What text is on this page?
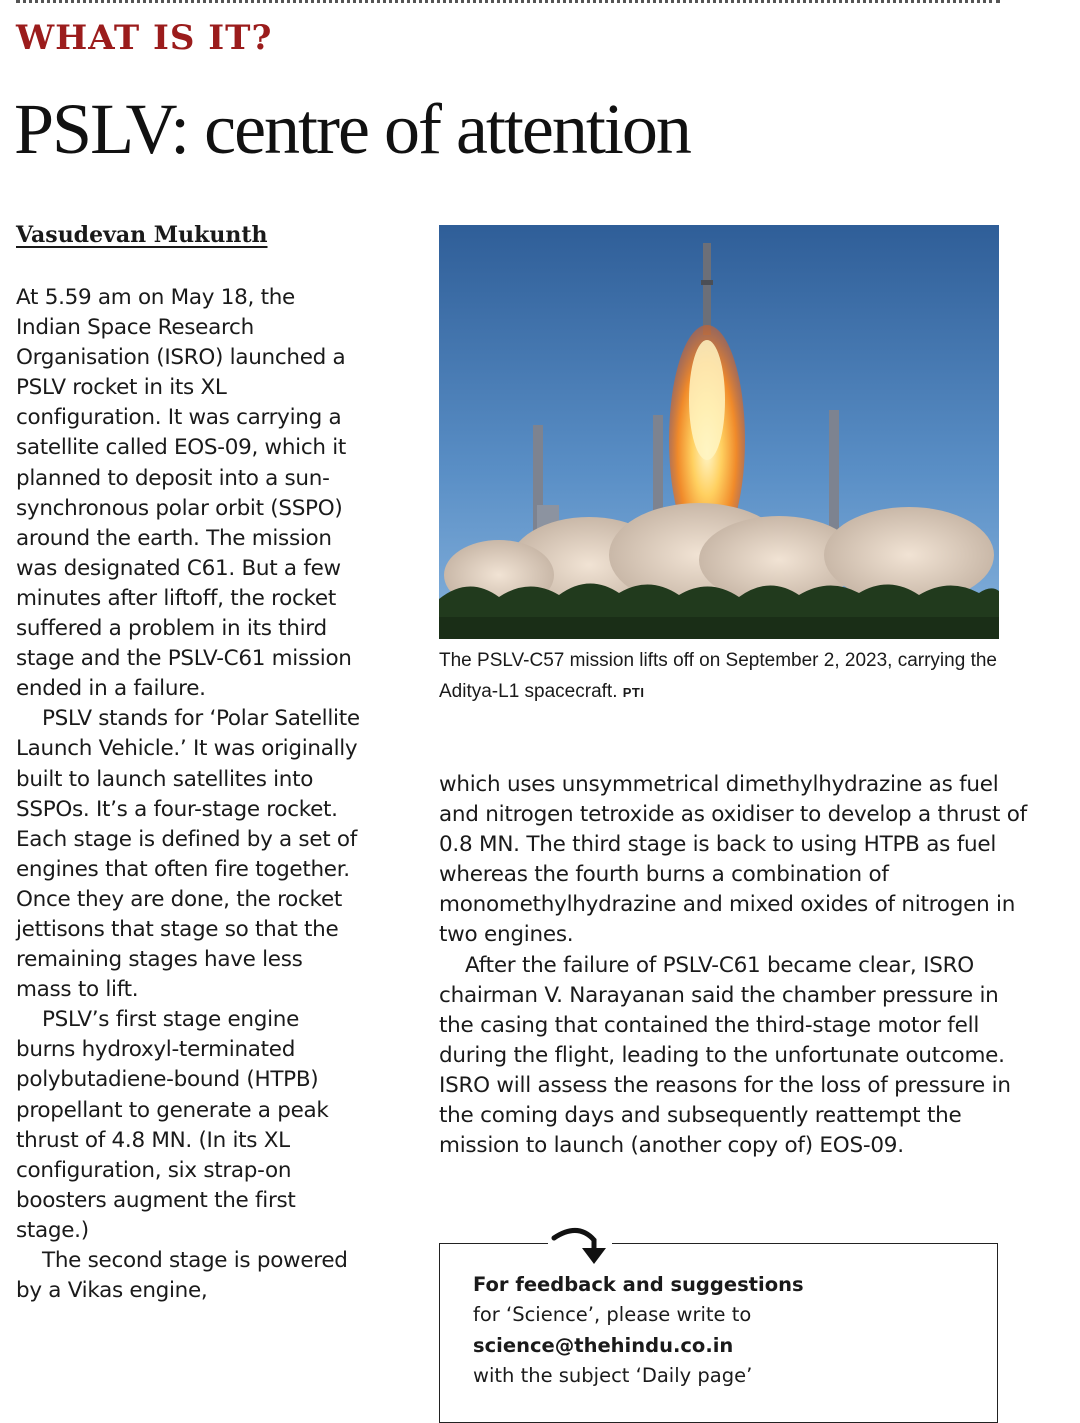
WHAT IS IT?
PSLV: centre of attention
Vasudevan Mukunth

At 5.59 am on May 18, the Indian Space Research Organisation (ISRO) launched a PSLV rocket in its XL configuration. It was carrying a satellite called EOS-09, which it planned to deposit into a sun-synchronous polar orbit (SSPO) around the earth. The mission was designated C61. But a few minutes after liftoff, the rocket suffered a problem in its third stage and the PSLV-C61 mission ended in a failure.

PSLV stands for ‘Polar Satellite Launch Vehicle.’ It was originally built to launch satellites into SSPOs. It’s a four-stage rocket. Each stage is defined by a set of engines that often fire together. Once they are done, the rocket jettisons that stage so that the remaining stages have less mass to lift.

PSLV’s first stage engine burns hydroxyl-terminated polybutadiene-bound (HTPB) propellant to generate a peak thrust of 4.8 MN. (In its XL configuration, six strap-on boosters augment the first stage.)

The second stage is powered by a Vikas engine,

The PSLV-C57 mission lifts off on September 2, 2023, carrying the Aditya-L1 spacecraft. PTI

which uses unsymmetrical dimethylhydrazine as fuel and nitrogen tetroxide as oxidiser to develop a thrust of 0.8 MN. The third stage is back to using HTPB as fuel whereas the fourth burns a combination of monomethylhydrazine and mixed oxides of nitrogen in two engines.

After the failure of PSLV-C61 became clear, ISRO chairman V. Narayanan said the chamber pressure in the casing that contained the third-stage motor fell during the flight, leading to the unfortunate outcome. ISRO will assess the reasons for the loss of pressure in the coming days and subsequently reattempt the mission to launch (another copy of) EOS-09.

For feedback and suggestions
for ‘Science’, please write to
science@thehindu.co.in
with the subject ‘Daily page’
